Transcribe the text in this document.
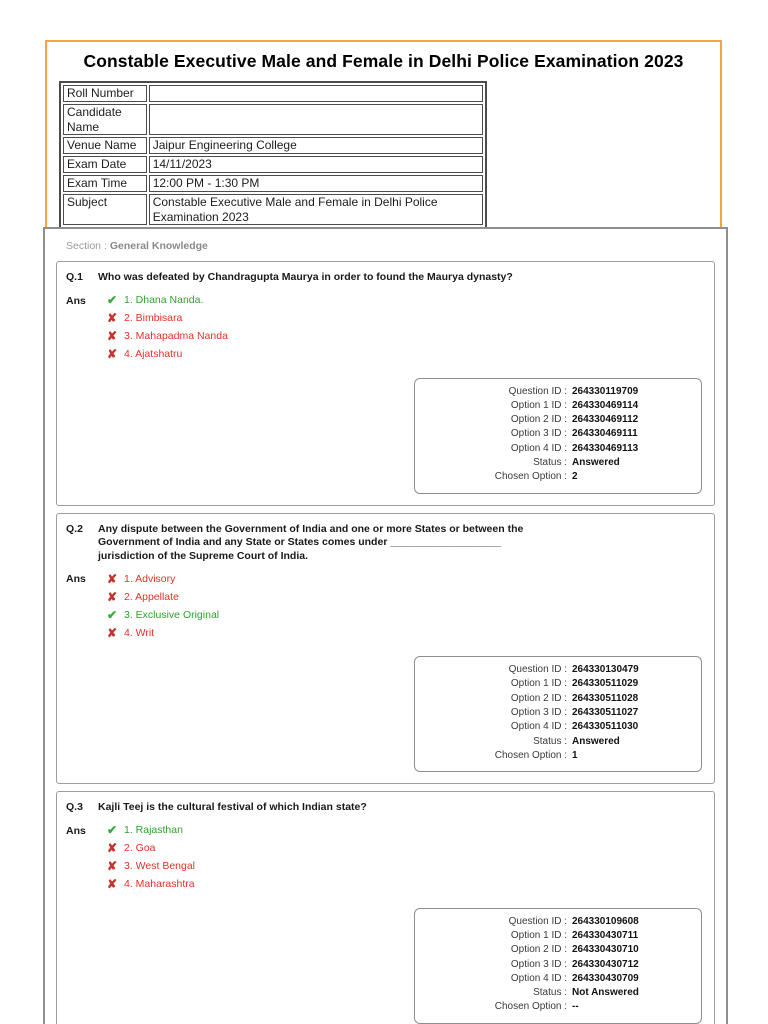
Constable Executive Male and Female in Delhi Police Examination 2023
Roll Number	
Candidate Name	
Venue Name	Jaipur Engineering College
Exam Date	14/11/2023
Exam Time	12:00 PM - 1:30 PM
Subject	Constable Executive Male and Female in Delhi Police Examination 2023
Section : General Knowledge
Q.1	Who was defeated by Chandragupta Maurya in order to found the Maurya dynasty?
Ans	✔ 1. Dhana Nanda.
✘ 2. Bimbisara
✘ 3. Mahapadma Nanda
✘ 4. Ajatshatru
Question ID : 264330119709
Option 1 ID : 264330469114
Option 2 ID : 264330469112
Option 3 ID : 264330469111
Option 4 ID : 264330469113
Status : Answered
Chosen Option : 2
Q.2	Any dispute between the Government of India and one or more States or between the Government of India and any State or States comes under ___________________ jurisdiction of the Supreme Court of India.
Ans	✘ 1. Advisory
✘ 2. Appellate
✔ 3. Exclusive Original
✘ 4. Writ
Question ID : 264330130479
Option 1 ID : 264330511029
Option 2 ID : 264330511028
Option 3 ID : 264330511027
Option 4 ID : 264330511030
Status : Answered
Chosen Option : 1
Q.3	Kajli Teej is the cultural festival of which Indian state?
Ans	✔ 1. Rajasthan
✘ 2. Goa
✘ 3. West Bengal
✘ 4. Maharashtra
Question ID : 264330109608
Option 1 ID : 264330430711
Option 2 ID : 264330430710
Option 3 ID : 264330430712
Option 4 ID : 264330430709
Status : Not Answered
Chosen Option : --
